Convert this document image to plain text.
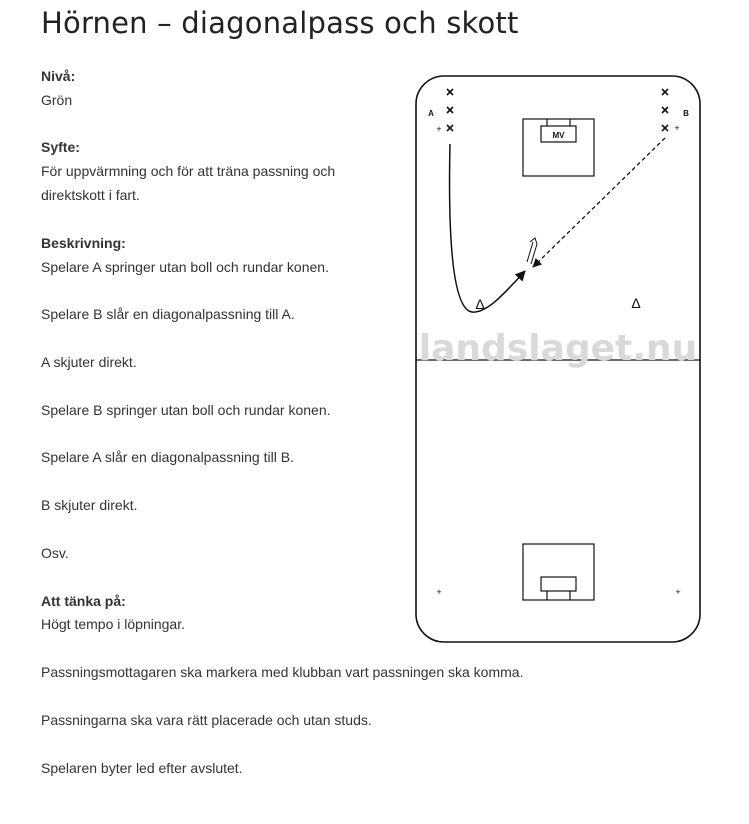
Hörnen – diagonalpass och skott
Nivå:
Grön
Syfte:
För uppvärmning och för att träna passning och
direktskott i fart.
Beskrivning:
Spelare A springer utan boll och rundar konen.
Spelare B slår en diagonalpassning till A.
A skjuter direkt.
Spelare B springer utan boll och rundar konen.
Spelare A slår en diagonalpassning till B.
B skjuter direkt.
Osv.
Att tänka på:
Högt tempo i löpningar.
Passningsmottagaren ska markera med klubban vart passningen ska komma.
Passningarna ska vara rätt placerade och utan studs.
Spelaren byter led efter avslutet.
landslaget.nu
MV
A
+
B
+
Δ	Δ
+	+
